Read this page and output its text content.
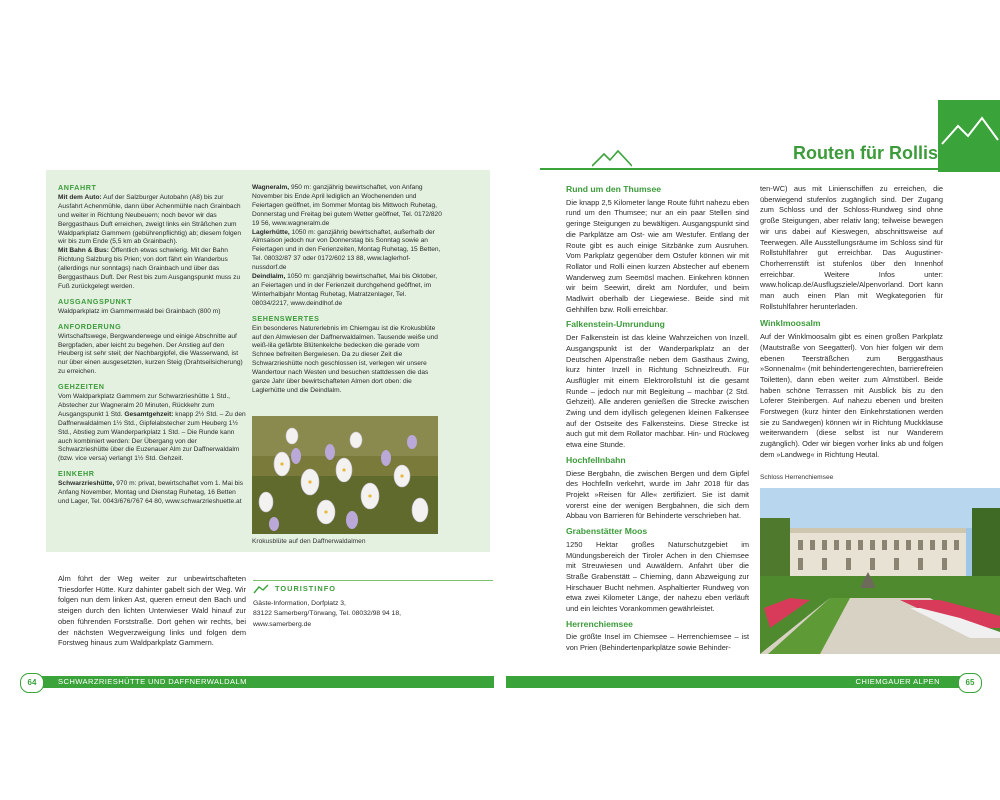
ANFAHRT

Mit dem Auto: Auf der Salzburger Autobahn (A8) bis zur Ausfahrt Achenmühle, dann über Achenmühle nach Grainbach und weiter in Richtung Neubeuern; noch bevor wir das Berggasthaus Duft erreichen, zweigt links ein Sträßchen zum Waldparkplatz Gammern (gebührenpflichtig) ab; diesem folgen wir bis zum Ende (5,5 km ab Grainbach).

Mit Bahn & Bus: Öffentlich etwas schwierig. Mit der Bahn Richtung Salzburg bis Prien; von dort fährt ein Wanderbus (allerdings nur sonntags) nach Grainbach und über das Berggasthaus Duft. Der Rest bis zum Ausgangspunkt muss zu Fuß zurückgelegt werden.

AUSGANGSPUNKT

Waldparkplatz im Gammernwald bei Grainbach (800 m)

ANFORDERUNG

Wirtschaftswege, Bergwanderwege und einige Abschnitte auf Bergpfaden, aber leicht zu begehen. Der Anstieg auf den Heuberg ist sehr steil; der Nachbargipfel, die Wasserwand, ist nur über einen ausgesetzten, kurzen Steig (Drahtseilsicherung) zu erreichen.

GEHZEITEN

Vom Waldparkplatz Gammern zur Schwarzrieshütte 1 Std., Abstecher zur Wagneralm 20 Minuten, Rückkehr zum Ausgangspunkt 1 Std. Gesamtgehzeit: knapp 2½ Std. – Zu den Daffnerwaldalmen 1½ Std., Gipfelabstecher zum Heuberg 1½ Std., Abstieg zum Wanderparkplatz 1 Std. – Die Runde kann auch kombiniert werden: Der Übergang von der Schwarzrieshütte über die Euzenauer Alm zur Daffnerwaldalm (bzw. vice versa) verlangt 1½ Std. Gehzeit.

EINKEHR

Schwarzrieshütte, 970 m: privat, bewirtschaftet vom 1. Mai bis Anfang November, Montag und Dienstag Ruhetag, 16 Betten und Lager, Tel. 0043/676/767 64 80, www.schwarzrieshuette.at

Wagneralm, 950 m: ganzjährig bewirtschaftet, von Anfang November bis Ende April lediglich an Wochenenden und Feiertagen geöffnet, im Sommer Montag bis Mittwoch Ruhetag, Donnerstag und Freitag bei gutem Wetter geöffnet, Tel. 0172/820 19 56, www.wagneralm.de

Laglerhütte, 1050 m: ganzjährig bewirtschaftet, außerhalb der Almsaison jedoch nur von Donnerstag bis Sonntag sowie an Feiertagen und in den Ferienzeiten, Montag Ruhetag, 15 Betten, Tel. 08032/87 37 oder 0172/602 13 88, www.laglerhof-nussdorf.de

Deindlalm, 1050 m: ganzjährig bewirtschaftet, Mai bis Oktober, an Feiertagen und in der Ferienzeit durchgehend geöffnet, im Winterhalbjahr Montag Ruhetag, Matratzenlager, Tel. 08034/2217, www.deindlhof.de

SEHENSWERTES

Ein besonderes Naturerlebnis im Chiemgau ist die Krokusblüte auf den Almwiesen der Daffnerwaldalmen. Tausende weiße und weiß-lila gefärbte Blütenkelche bedecken die gerade vom Schnee befreiten Bergwiesen. Da zu dieser Zeit die Schwarzrieshütte noch geschlossen ist, verlegen wir unsere Wandertour nach Westen und besuchen stattdessen die das ganze Jahr über bewirtschafteten Almen dort oben: die Laglerhütte und die Deindlalm.

Krokusblüte auf den Daffnerwaldalmen
Alm führt der Weg weiter zur unbewirtschafteten Triesdorfer Hütte. Kurz dahinter gabelt sich der Weg. Wir folgen nun dem linken Ast, queren erneut den Bach und steigen durch den lichten Unterwieser Wald hinauf zur oben führenden Forststraße. Dort gehen wir rechts, bei der nächsten Wegverzweigung links und folgen dem Forstweg hinaus zum Waldparkplatz Gammern.
TOURISTINFO
Gäste-Information, Dorfplatz 3,
83122 Samerberg/Törwang, Tel. 08032/98 94 18,
www.samerberg.de
SCHWARZRIESHÜTTE UND DAFFNERWALDALM
64
Routen für Rollis
Rund um den Thumsee

Die knapp 2,5 Kilometer lange Route führt nahezu eben rund um den Thumsee; nur an ein paar Stellen sind geringe Steigungen zu bewältigen. Ausgangspunkt sind die Parkplätze am Ost- wie am Westufer. Entlang der Route gibt es auch einige Sitzbänke zum Ausruhen. Vom Parkplatz gegenüber dem Ostufer können wir mit Rollator und Rolli einen kurzen Abstecher auf ebenem Wanderweg zum Seemösl machen. Einkehren können wir beim Seewirt, direkt am Nordufer, und beim Madlwirt oberhalb der Liegewiese. Beide sind mit Gehhilfen bzw. Rolli erreichbar.

Falkenstein-Umrundung

Der Falkenstein ist das kleine Wahrzeichen von Inzell. Ausgangspunkt ist der Wanderparkplatz an der Deutschen Alpenstraße neben dem Gasthaus Zwing, kurz hinter Inzell in Richtung Schneizlreuth. Für Ausflügler mit einem Elektrorollstuhl ist die gesamt Runde – jedoch nur mit Begleitung – machbar (2 Std. Gehzeit). Alle anderen genießen die Strecke zwischen Zwing und dem idyllisch gelegenen kleinen Falkensee auf der Ostseite des Falkensteins. Diese Strecke ist auch gut mit dem Rollator machbar. Hin- und Rückweg etwa eine Stunde.

Hochfellnbahn

Diese Bergbahn, die zwischen Bergen und dem Gipfel des Hochfelln verkehrt, wurde im Jahr 2018 für das Projekt »Reisen für Alle« zertifiziert. Sie ist damit vorerst eine der wenigen Bergbahnen, die sich dem Abbau von Barrieren für Behinderte verschrieben hat.

Grabenstätter Moos

1250 Hektar großes Naturschutzgebiet im Mündungsbereich der Tiroler Achen in den Chiemsee mit Streuwiesen und Auwäldern. Anfahrt über die Straße Grabenstätt – Chieming, dann Abzweigung zur Hirschauer Bucht nehmen. Asphaltierter Rundweg von etwa zwei Kilometer Länge, der nahezu eben verläuft und ein leichtes Vorankommen gewährleistet.

Herrenchiemsee

Die größte Insel im Chiemsee – Herrenchiemsee – ist von Prien (Behindertenparkplätze sowie Behinder-

ten-WC) aus mit Linienschiffen zu erreichen, die überwiegend stufenlos zugänglich sind. Der Zugang zum Schloss und der Schloss-Rundweg sind ohne große Steigungen, aber relativ lang; teilweise bewegen wir uns dabei auf Kieswegen, abschnittsweise auf Teerwegen. Alle Ausstellungsräume im Schloss sind für Rollstuhlfahrer gut erreichbar. Das Augustiner-Chorherrenstift ist stufenlos über den Innenhof erreichbar. Weitere Infos unter: www.holicap.de/Ausflugsziele/Alpenvorland. Dort kann man auch einen Plan mit Wegkategorien für Rollstuhlfahrer herunterladen.

Winklmoosalm

Auf der Winklmoosalm gibt es einen großen Parkplatz (Mautstraße von Seegatterl). Von hier folgen wir dem ebenen Teersträßchen zum Berggasthaus »Sonnenalm« (mit behindertengerechten, barrierefreien Toiletten), dann eben weiter zum Almstüberl. Beide haben schöne Terrassen mit Ausblick bis zu den Loferer Steinbergen. Auf nahezu ebenen und breiten Forstwegen (kurz hinter den Einkehrstationen werden sie zu Sandwegen) können wir in Richtung Muckklause weiterwandern (diese selbst ist nur Wanderern zugänglich). Oder wir biegen vorher links ab und folgen dem »Landweg« in Richtung Heutal.

Schloss Herrenchiemsee
CHIEMGAUER ALPEN	65
